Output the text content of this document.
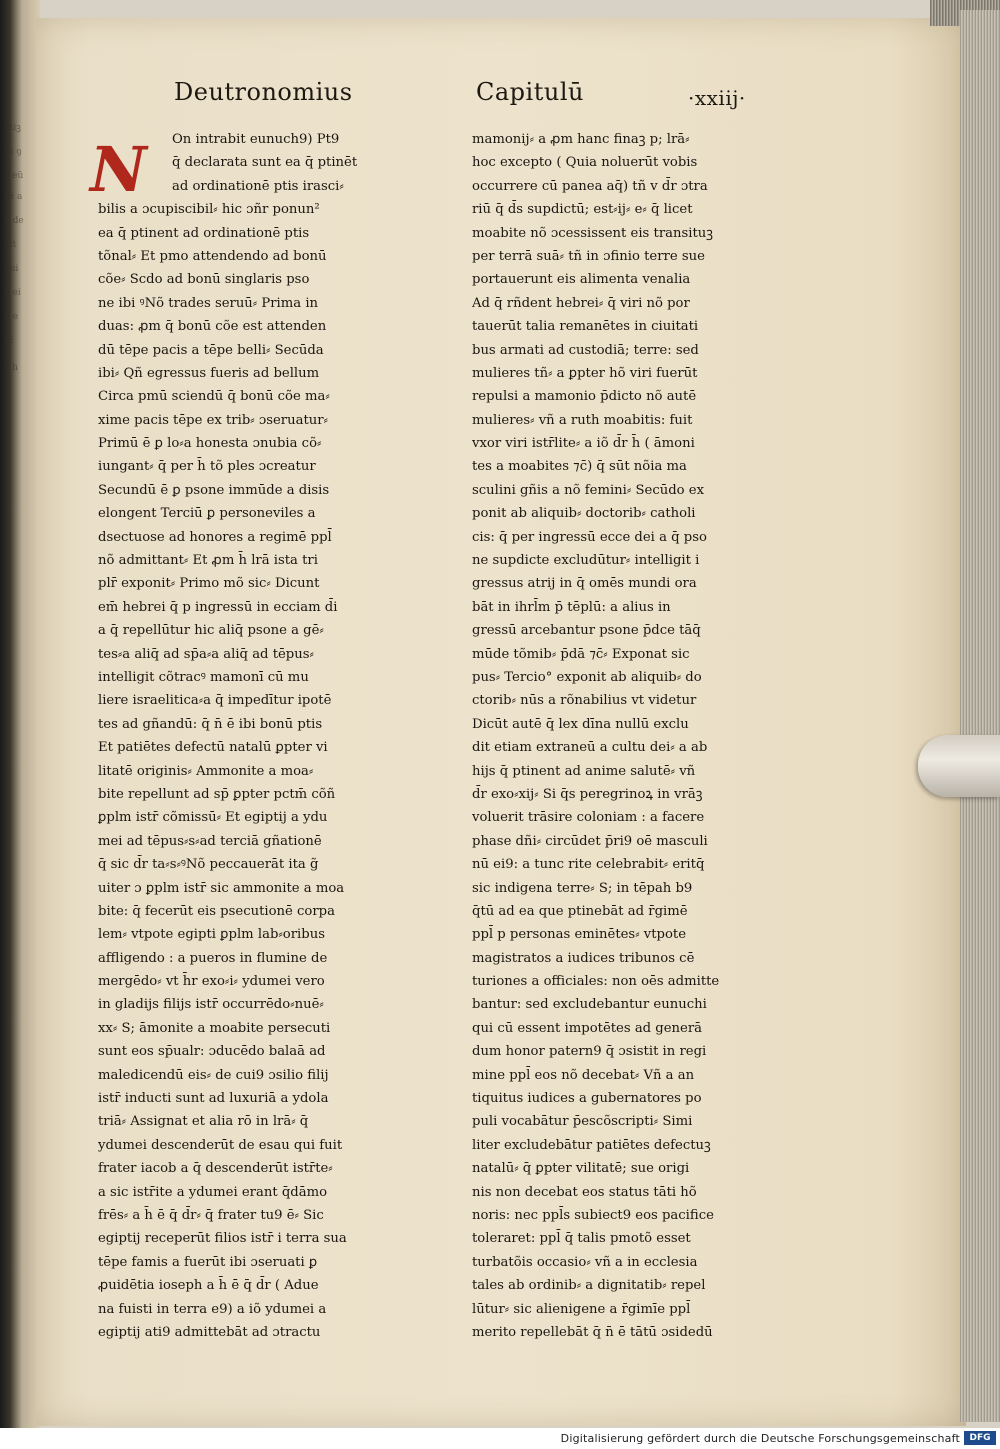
ntiꝫ
nt ꝯ
ꝯ eū
rū a
p̄ de
d̄it
qui
ꝑ ei
p̄ e
tli
ꝯ h
Deutronomius	Capitulū	·xxiij·
N	On intrabit eunuch9) Pt9
q̄ declarata sunt ea q̄ ptinēt
ad ordinationē ptis irasci⸗
bilis a ɔcupiscibil⸗ hic ɔñr ponun²
ea q̄ ptinent ad ordinationē ptis
tõnal⸗ Et pmo attendendo ad bonū
cõe⸗ Scdo ad bonū singlaris pso
ne ibi ꝰNõ trades seruū⸗ Prima in
duas: ꝓm q̄ bonū cõe est attenden
dū tēpe pacis a tēpe belli⸗ Secūda
ibi⸗ Qñ egressus fueris ad bellum
Circa pmū sciendū q̄ bonū cõe ma⸗
xime pacis tēpe ex trib⸗ ɔseruatur⸗
Primū ē ꝑ lo⸗a honesta ɔnubia cõ⸗
iungant⸗ q̄ per h̄ tõ ples ɔcreatur
Secundū ē ꝑ psone immūde a disis
elongent Terciū ꝑ personeviles a
dsectuose ad honores a regimē ppl̄
nõ admittant⸗ Et ꝓm h̄ lrā ista tri
plr̄ exponit⸗ Primo mõ sic⸗ Dicunt
em̄ hebrei q̄ p ingressū in ecciam d̄i
a q̄ repellūtur hic aliq̄ psone a gē⸗
tes⸗a aliq̄ ad sp̄a⸗a aliq̄ ad tēpus⸗
intelligit cõtracꝰ mamonī cū mu
liere israelitica⸗a q̄ impedītur ipotē
tes ad gñandū: q̄ n̄ ē ibi bonū ptis
Et patiētes defectū natalū ꝑpter vi
litatē originis⸗ Ammonite a moa⸗
bite repellunt ad sp̄ ꝑpter pctm̄ cõñ
ꝑplm istr̄ cõmissū⸗ Et egiptij a ydu
mei ad tēpus⸗s⸗ad terciā gñationē
q̄ sic d̄r ta⸗s⸗ꝰNõ peccauerāt ita g̃
uiter ɔ ꝑplm istr̄ sic ammonite a moa
bite: q̄ fecerūt eis psecutionē corpa
lem⸗ vtpote egipti ꝑplm lab⸗oribus
affligendo : a pueros in flumine de
mergēdo⸗ vt h̄r exo⸗i⸗ ydumei vero
in gladijs filijs istr̄ occurrēdo⸗nuē⸗
xx⸗ S; āmonite a moabite persecuti
sunt eos sp̄ualr: ɔducēdo balaā ad
maledicendū eis⸗ de cui9 ɔsilio filij
istr̄ inducti sunt ad luxuriā a ydola
triā⸗ Assignat et alia rō in lrā⸗ q̄
ydumei descenderūt de esau qui fuit
frater iacob a q̄ descenderūt istr̄te⸗
a sic istr̄ite a ydumei erant q̄dāmo
frēs⸗ a h̄ ē q̄ d̄r⸗ q̄ frater tu9 ē⸗ Sic
egiptij receperūt filios istr̄ i terra sua
tēpe famis a fuerūt ibi ɔseruati ꝑ
ꝓuidētia ioseph a h̄ ē q̄ d̄r ( Adue
na fuisti in terra e9) a iõ ydumei a
egiptij ati9 admittebāt ad ɔtractu
mamonij⸗ a ꝓm hanc finaꝫ p; lrā⸗
hoc excepto ( Quia noluerūt vobis
occurrere cū panea aq̄) tñ v d̄r ɔtra
riū q̄ d̄s supdictū; est⸗ij⸗ e⸗ q̄ licet
moabite nõ ɔcessissent eis transituꝫ
per terrā suā⸗ tñ in ɔfinio terre sue
portauerunt eis alimenta venalia
Ad q̄ rñdent hebrei⸗ q̄ viri nõ por
tauerūt talia remanētes in ciuitati
bus armati ad custodiā; terre: sed
mulieres tñ⸗ a ꝑpter hõ viri fuerūt
repulsi a mamonio p̄dicto nõ autē
mulieres⸗ vñ a ruth moabitis: fuit
vxor viri istr̄lite⸗ a iõ d̄r h̄ ( āmoni
tes a moabites ⁊c̄) q̄ sūt nõia ma
sculini gñis a nõ femini⸗ Secūdo ex
ponit ab aliquib⸗ doctorib⸗ catholi
cis: q̄ per ingressū ecce dei a q̄ pso
ne supdicte excludūtur⸗ intelligit i
gressus atrij in q̄ omēs mundi ora
bāt in ihrl̄m p̄ tēplū: a alius in
gressū arcebantur psone p̄dce tāq̄
mūde tõmib⸗ p̄dā ⁊c̄⸗ Exponat sic
pus⸗ Tercio° exponit ab aliquib⸗ do
ctorib⸗ nūs a rõnabilius vt videtur
Dicūt autē q̄ lex dīna nullū exclu
dit etiam extraneū a cultu dei⸗ a ab
hijs q̄ ptinent ad anime salutē⸗ vñ
d̄r exo⸗xij⸗ Si q̄s peregrinoꝝ in vrāꝫ
voluerit trāsire coloniam : a facere
phase dñi⸗ circūdet p̄ri9 oē masculi
nū ei9: a tunc rite celebrabit⸗ eritq̄
sic indigena terre⸗ S; in tēpah b9
q̄tū ad ea que ptinebāt ad r̄gimē
ppl̄ p personas eminētes⸗ vtpote
magistratos a iudices tribunos cē
turiones a officiales: non oēs admitte
bantur: sed excludebantur eunuchi
qui cū essent impotētes ad generā
dum honor patern9 q̄ ɔsistit in regi
mine ppl̄ eos nõ decebat⸗ Vñ a an
tiquitus iudices a gubernatores po
puli vocabātur p̄escõscripti⸗ Simi
liter excludebātur patiētes defectuꝫ
natalū⸗ q̄ ꝑpter vilitatē; sue origi
nis non decebat eos status tāti hõ
noris: nec ppl̄s subiect9 eos pacifice
toleraret: ppl̄ q̄ talis pmotõ esset
turbatõis occasio⸗ vñ a in ecclesia
tales ab ordinib⸗ a dignitatib⸗ repel
lūtur⸗ sic alienigene a r̄gimīe ppl̄
merito repellebāt q̄ n̄ ē tātū ɔsidedū
Digitalisierung gefördert durch die Deutsche Forschungsgemeinschaft	DFG
